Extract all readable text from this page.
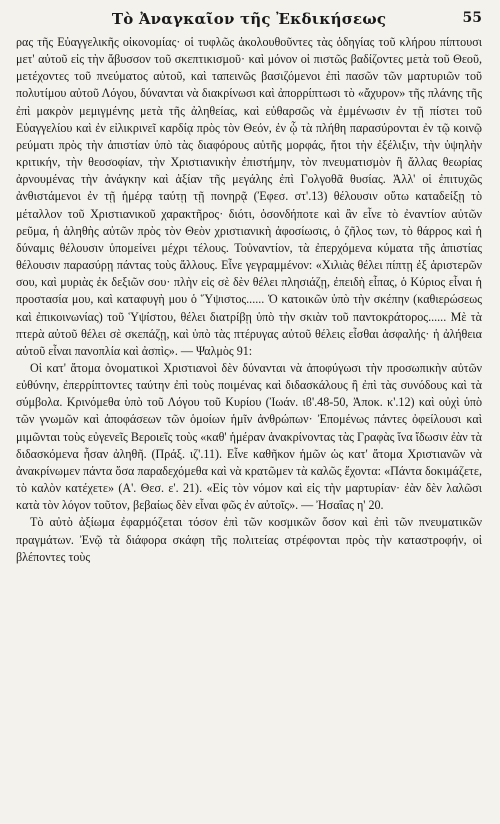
Τὸ Ἀναγκαῖον τῆς Ἐκδικήσεως	55

ρας τῆς Εὐαγγελικῆς οἰκονομίας· οἱ τυφλῶς ἀκολουθοῦντες τὰς ὁδηγίας τοῦ κλήρου πίπτουσι μετ' αὐτοῦ εἰς τὴν ἄβυσσον τοῦ σκεπτικισμοῦ· καὶ μόνον οἱ πιστῶς βαδίζοντες μετὰ τοῦ Θεοῦ, μετέχοντες τοῦ πνεύματος αὐτοῦ, καὶ ταπεινῶς βασιζόμενοι ἐπὶ πασῶν τῶν μαρτυριῶν τοῦ πολυτίμου αὐτοῦ Λόγου, δύνανται νὰ διακρίνωσι καὶ ἀπορρίπτωσι τὸ «ἄχυρον» τῆς πλάνης τῆς ἐπὶ μακρὸν μεμιγμένης μετὰ τῆς ἀληθείας, καὶ εὐθαρσῶς νὰ ἐμμένωσιν ἐν τῇ πίστει τοῦ Εὐαγγελίου καὶ ἐν εἰλικρινεῖ καρδίᾳ πρὸς τὸν Θεόν, ἐν ᾧ τὰ πλήθη παρασύρονται ἐν τῷ κοινῷ ρεύματι πρὸς τὴν ἀπιστίαν ὑπὸ τὰς διαφόρους αὐτῆς μορφάς, ἤτοι τὴν ἐξέλιξιν, τὴν ὑψηλὴν κριτικήν, τὴν θεοσοφίαν, τὴν Χριστιανικὴν ἐπιστήμην, τὸν πνευματισμὸν ἢ ἄλλας θεωρίας ἀρνουμένας τὴν ἀνάγκην καὶ ἀξίαν τῆς μεγάλης ἐπὶ Γολγοθᾶ θυσίας. Ἀλλ' οἱ ἐπιτυχῶς ἀνθιστάμενοι ἐν τῇ ἡμέρᾳ ταύτῃ τῇ πονηρᾷ (Ἐφεσ. στ'.13) θέλουσιν οὕτω καταδείξῃ τὸ μέταλλον τοῦ Χριστιανικοῦ χαρακτῆρος· διότι, ὁσονδήποτε καὶ ἂν εἶνε τὸ ἐναντίον αὐτῶν ρεῦμα, ἡ ἀληθὴς αὐτῶν πρὸς τὸν Θεὸν χριστιανικὴ ἀφοσίωσις, ὁ ζῆλος των, τὸ θάρρος καὶ ἡ δύναμις θέλουσιν ὑπομείνει μέχρι τέλους. Τοὐναντίον, τὰ ἐπερχόμενα κύματα τῆς ἀπιστίας θέλουσιν παρασύρῃ πάντας τοὺς ἄλλους. Εἶνε γεγραμμένον: «Χιλιὰς θέλει πίπτῃ ἐξ ἀριστερῶν σου, καὶ μυριὰς ἐκ δεξιῶν σου· πλὴν εἰς σὲ δὲν θέλει πλησιάζῃ, ἐπειδὴ εἶπας, ὁ Κύριος εἶναι ἡ προστασία μου, καὶ καταφυγὴ μου ὁ Ὕψιστος...... Ὁ κατοικῶν ὑπὸ τὴν σκέπην (καθιερώσεως καὶ ἐπικοινωνίας) τοῦ Ὑψίστου, θέλει διατρίβῃ ὑπὸ τὴν σκιὰν τοῦ παντοκράτορος...... Μὲ τὰ πτερὰ αὐτοῦ θέλει σὲ σκεπάζῃ, καὶ ὑπὸ τὰς πτέρυγας αὐτοῦ θέλεις εἶσθαι ἀσφαλής· ἡ ἀλήθεια αὐτοῦ εἶναι πανοπλία καὶ ἀσπὶς». — Ψαλμὸς 91:

Οἱ κατ' ἄτομα ὀνοματικοὶ Χριστιανοὶ δὲν δύνανται νὰ ἀποφύγωσι τὴν προσωπικὴν αὐτῶν εὐθύνην, ἐπερρίπτοντες ταύτην ἐπὶ τοὺς ποιμένας καὶ διδασκάλους ἢ ἐπὶ τὰς συνόδους καὶ τὰ σύμβολα. Κρινόμεθα ὑπὸ τοῦ Λόγου τοῦ Κυρίου (Ἰωάν. ιϐ'.48-50, Ἀποκ. κ'.12) καὶ οὐχὶ ὑπὸ τῶν γνωμῶν καὶ ἀποφάσεων τῶν ὁμοίων ἡμῖν ἀνθρώπων· Ἐπομένως πάντες ὀφείλουσι καὶ μιμῶνται τοὺς εὐγενεῖς Βεροιεῖς τοὺς «καθ' ἡμέραν ἀνακρίνοντας τὰς Γραφὰς ἵνα ἴδωσιν ἐὰν τὰ διδασκόμενα ἦσαν ἀληθῆ. (Πράξ. ιζ'.11). Εἶνε καθῆκον ἡμῶν ὡς κατ' ἄτομα Χριστιανῶν νὰ ἀνακρίνωμεν πάντα ὅσα παραδεχόμεθα καὶ νὰ κρατῶμεν τὰ καλῶς ἔχοντα: «Πάντα δοκιμάζετε, τὸ καλὸν κατέχετε» (Α'. Θεσ. ε'. 21). «Εἰς τὸν νόμον καὶ εἰς τὴν μαρτυρίαν· ἐὰν δὲν λαλῶσι κατὰ τὸν λόγον τοῦτον, βεβαίως δὲν εἶναι φῶς ἐν αὐτοῖς». — Ἠσαΐας η' 20.

Τὸ αὐτὸ ἀξίωμα ἐφαρμόζεται τόσον ἐπὶ τῶν κοσμικῶν ὅσον καὶ ἐπὶ τῶν πνευματικῶν πραγμάτων. Ἐνῷ τὰ διάφορα σκάφη τῆς πολιτείας στρέφονται πρὸς τὴν καταστροφήν, οἱ βλέποντες τοὺς
